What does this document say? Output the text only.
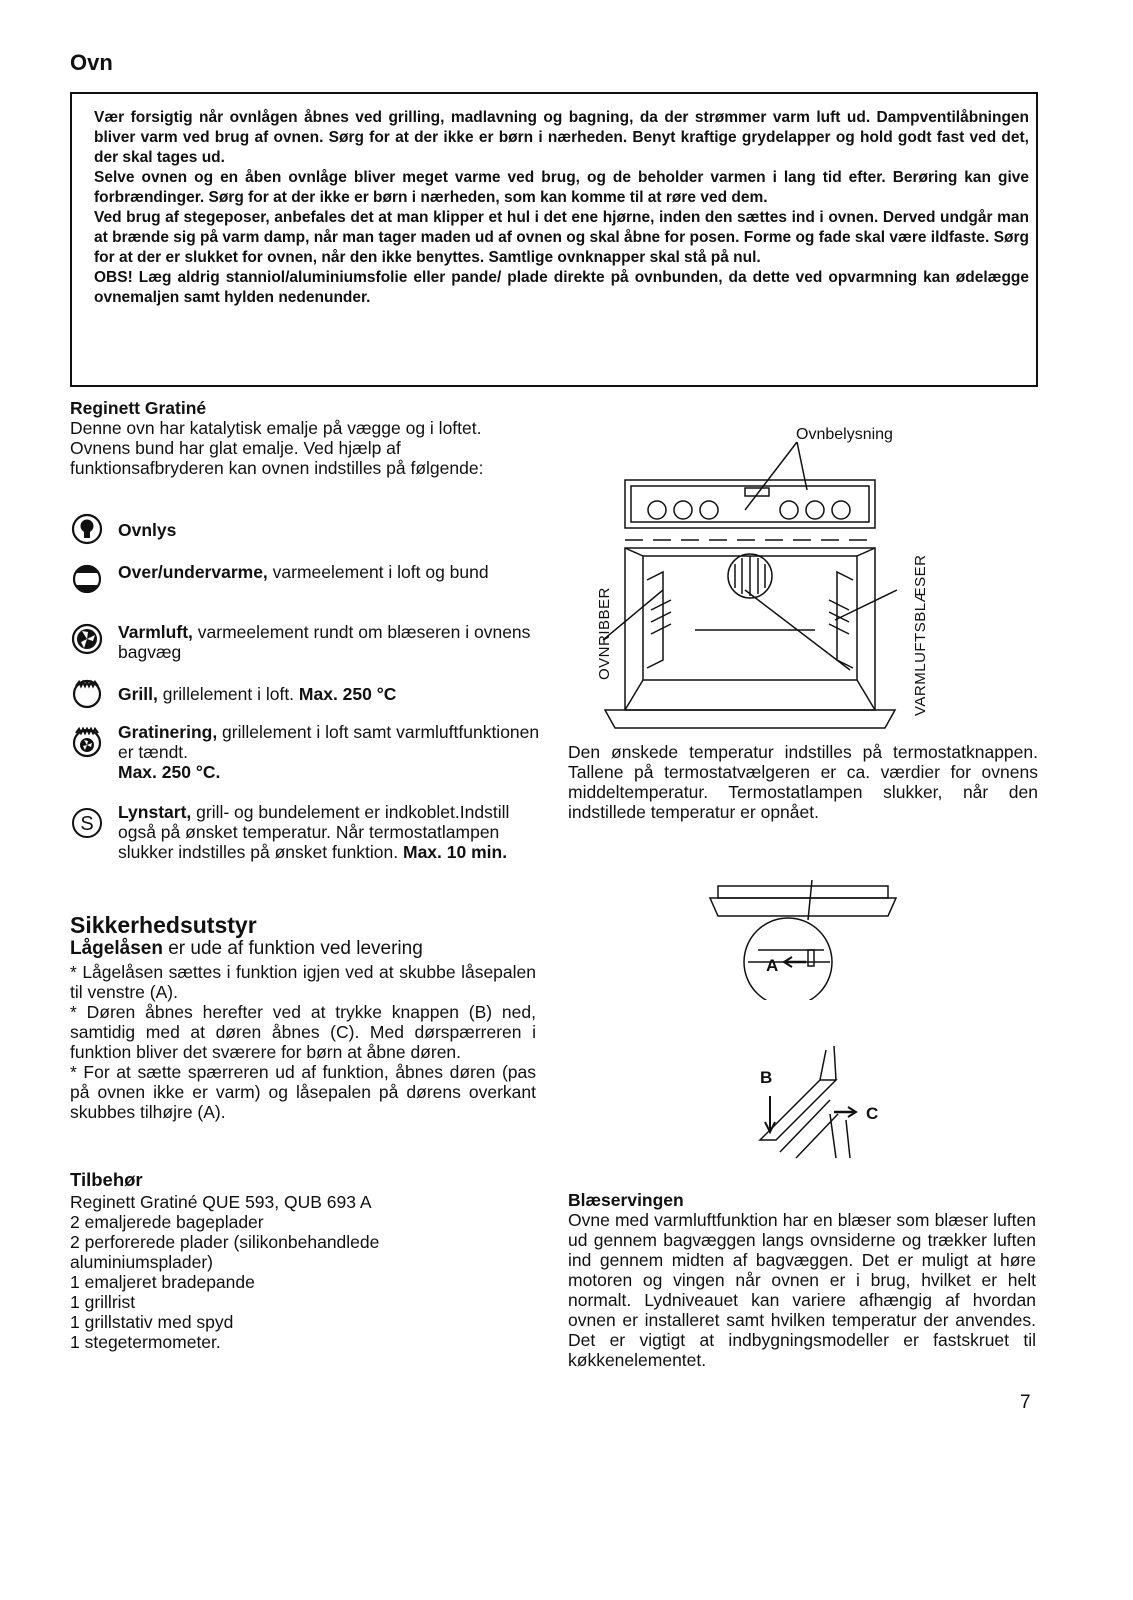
Ovn

Vær forsigtig når ovnlågen åbnes ved grilling, madlavning og bagning, da der strømmer varm luft ud. Dampventilåbningen bliver varm ved brug af ovnen. Sørg for at der ikke er børn i nærheden. Benyt kraftige grydelapper og hold godt fast ved det, der skal tages ud.

Selve ovnen og en åben ovnlåge bliver meget varme ved brug, og de beholder varmen i lang tid efter. Berøring kan give forbrændinger. Sørg for at der ikke er børn i nærheden, som kan komme til at røre ved dem.

Ved brug af stegeposer, anbefales det at man klipper et hul i det ene hjørne, inden den sættes ind i ovnen. Derved undgår man at brænde sig på varm damp, når man tager maden ud af ovnen og skal åbne for posen. Forme og fade skal være ildfaste. Sørg for at der er slukket for ovnen, når den ikke benyttes. Samtlige ovnknapper skal stå på nul.

OBS! Læg aldrig stanniol/aluminiumsfolie eller pande/ plade direkte på ovnbunden, da dette ved opvarmning kan ødelægge ovnemaljen samt hylden nedenunder.

Reginett Gratiné
Denne ovn har katalytisk emalje på vægge og i loftet. Ovnens bund har glat emalje. Ved hjælp af funktionsafbryderen kan ovnen indstilles på følgende:
Ovnlys
Over/undervarme, varmeelement i loft og bund
Varmluft, varmeelement rundt om blæseren i ovnens bagvæg
Grill, grillelement i loft. Max. 250 °C
Gratinering, grillelement i loft samt varmluftfunktionen er tændt.
Max. 250 °C.
S
Lynstart, grill- og bundelement er indkoblet.Indstill også på ønsket temperatur. Når termostatlampen slukker indstilles på ønsket funktion. Max. 10 min.
Sikkerhedsutstyr
Lågelåsen er ude af funktion ved levering

* Lågelåsen sættes i funktion igjen ved at skubbe låsepalen til venstre (A).

* Døren åbnes herefter ved at trykke knappen (B) ned, samtidig med at døren åbnes (C). Med dørspærreren i funktion bliver det sværere for børn at åbne døren.

* For at sætte spærreren ud af funktion, åbnes døren (pas på ovnen ikke er varm) og låsepalen på dørens overkant skubbes tilhøjre (A).

Tilbehør

Reginett Gratiné QUE 593, QUB 693 A

2 emaljerede bageplader

2 perforerede plader (silikonbehandlede aluminiumsplader)

1 emaljeret bradepande

1 grillrist

1 grillstativ med spyd

1 stegetermometer.

Ovnbelysning
OVNRIBBER	VARMLUFTSBLÆSER
Den ønskede temperatur indstilles på termostatknappen. Tallene på termostatvælgeren er ca. værdier for ovnens middeltemperatur. Termostatlampen slukker, når den indstillede temperatur er opnået.
A
B
C
Blæservingen
Ovne med varmluftfunktion har en blæser som blæser luften ud gennem bagvæggen langs ovnsiderne og trækker luften ind gennem midten af bagvæggen. Det er muligt at høre motoren og vingen når ovnen er i brug, hvilket er helt normalt. Lydniveauet kan variere afhængig af hvordan ovnen er installeret samt hvilken temperatur der anvendes. Det er vigtigt at indbygningsmodeller er fastskruet til køkkenelementet.
7
